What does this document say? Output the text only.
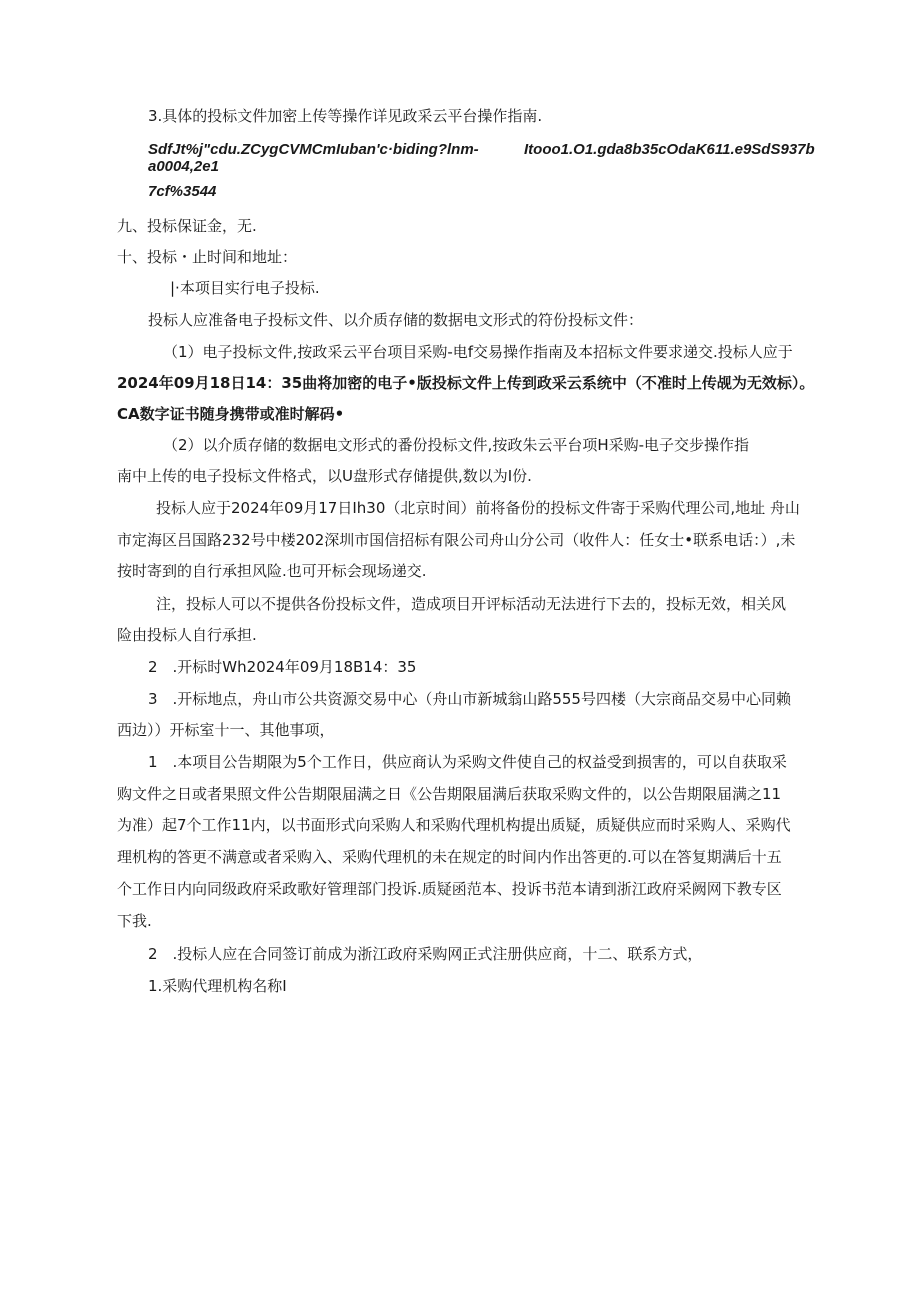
3.具体的投标文件加密上传等操作详见政采云平台操作指南.
SdfJt%j"cdu.ZCygCVMCmIuban'c·biding?lnm-	Itooo1.O1.gda8b35cOdaK611.e9SdS937b
a0004,2e1
7cf%3544
九、投标保证金，无.
十、投标・止时间和地址：
|·本项目实行电子投标.
投标人应准备电子投标文件、以介质存储的数据电文形式的符份投标文件：
（1）电子投标文件,按政采云平台项目采购-电f交易操作指南及本招标文件要求递交.投标人应于
2024年09月18日14：35曲将加密的电子•版投标文件上传到政采云系统中（不准时上传觇为无效标）。
CA数字证书随身携带或准时解码•
（2）以介质存储的数据电文形式的番份投标文件,按政朱云平台项H采购-电子交步操作指
南中上传的电子投标文件格式，以U盘形式存储提供,数以为I份.
投标人应于2024年09月17日Ih30（北京时间）前将备份的投标文件寄于采购代理公司,地址 舟山
市定海区吕国路232号中楼202深圳市国信招标有限公司舟山分公司（收件人：任女士•联系电话：）,未
按时寄到的自行承担风险.也可开标会现场递交.
注，投标人可以不提供各份投标文件，造成项目开评标活动无法进行下去的，投标无效，相关风
险由投标人自行承担.
2　.开标时Wh2024年09月18B14：35
3　.开标地点，舟山市公共资源交易中心（舟山市新城翁山路555号四楼（大宗商品交易中心同赖
西边））开标室十一、其他事项，
1　.本项目公告期限为5个工作日，供应商认为采购文件使自己的权益受到损害的，可以自获取采
购文件之日或者果照文件公告期限届满之日《公告期限届满后获取采购文件的，以公告期限届满之11
为准）起7个工作11内，以书面形式向采购人和采购代理机构提出质疑，质疑供应而时采购人、采购代
理机构的答更不满意或者采购入、采购代理机的未在规定的时间内作出答更的.可以在答复期满后十五
个工作日内向同级政府采政歌好管理部门投诉.质疑函范本、投诉书范本请到浙江政府采阙网下教专区
下我.
2　.投标人应在合同签订前成为浙江政府采购网正式注册供应商，十二、联系方式，
1.采购代理机构名称I
